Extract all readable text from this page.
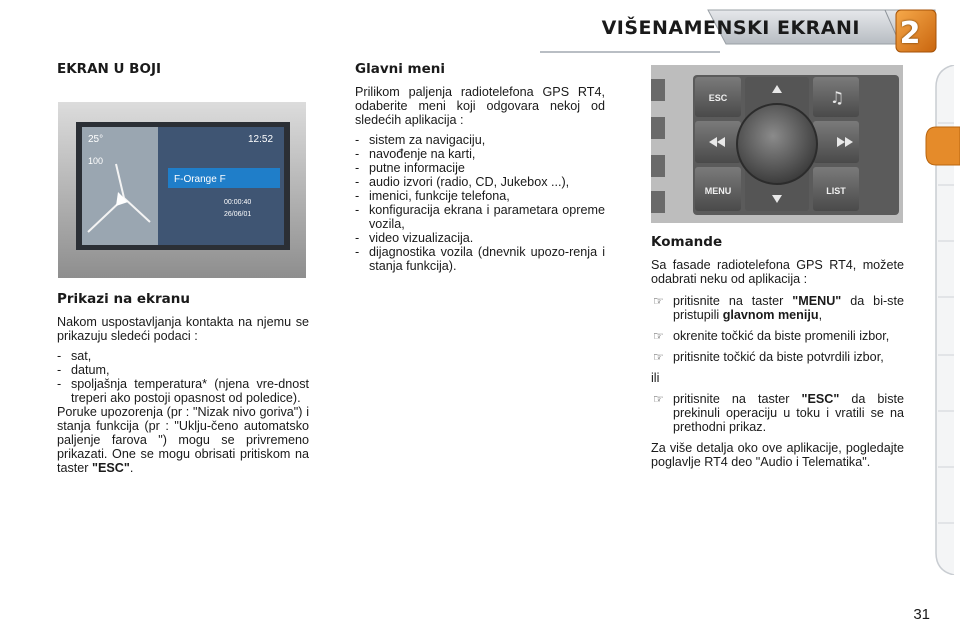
VIŠENAMENSKI EKRANI	2
EKRAN U BOJI
25°
100
12:52
F-Orange F
00:00:40
26/06/01
Prikazi na ekranu

Nakom uspostavljanja kontakta na njemu se prikazuju sledeći podaci :

- sat,
- datum,
- spoljašnja temperatura* (njena vre-dnost treperi ako postoji opasnost od poledice).

Poruke upozorenja (pr : "Nizak nivo goriva") i stanja funkcija (pr : "Uklju-čeno automatsko paljenje farova ") mogu se privremeno prikazati. One se mogu obrisati pritiskom na taster "ESC".

Glavni meni

Prilikom paljenja radiotelefona GPS RT4, odaberite meni koji odgovara nekoj od sledećih aplikacija :

- sistem za navigaciju,
- navođenje na karti,
- putne informacije
- audio izvori (radio, CD, Jukebox ...),
- imenici, funkcije telefona,
- konfiguracija ekrana i parametara opreme vozila,
- video vizualizacija.
- dijagnostika vozila (dnevnik upozo-renja i stanja funkcija).
♫
ESC
MENU	LIST
Komande

Sa fasade radiotelefona GPS RT4, možete odabrati neku od aplikacija :

☞ pritisnite na taster "MENU" da bi-ste pristupili glavnom meniju,
☞ okrenite točkić da biste promenili izbor,
☞ pritisnite točkić da biste potvrdili izbor,

ili

☞ pritisnite na taster "ESC" da biste prekinuli operaciju u toku i vratili se na prethodni prikaz.

Za više detalja oko ove aplikacije, pogledajte poglavlje RT4 deo "Audio i Telematika".

31
